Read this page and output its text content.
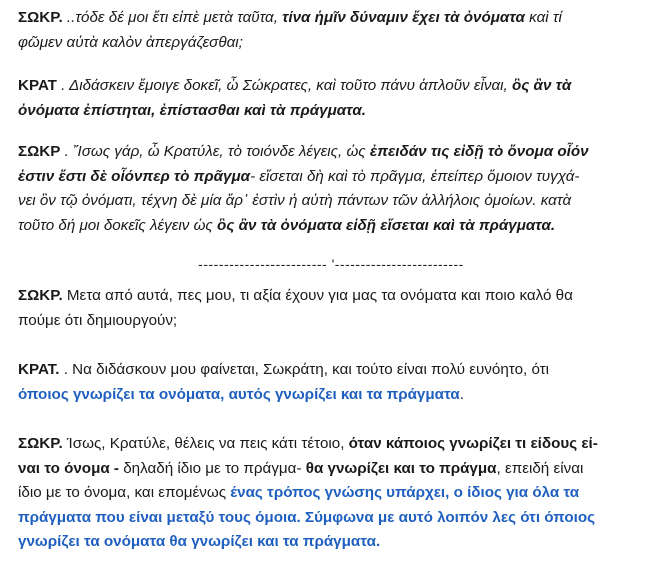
ΣΩΚΡ. ..τόδε δέ μοι ἔτι εἰπὲ μετὰ ταῦτα, τίνα ἡμῖν δύναμιν ἔχει τὰ ὀνόματα καὶ τί
φῶμεν αὐτὰ καλὸν ἀπεργάζεσθαι;
ΚΡΑΤ . Διδάσκειν ἔμοιγε δοκεῖ, ὦ Σώκρατες, καὶ τοῦτο πάνυ ἁπλοῦν εἶναι, ὃς ἂν τὰ
ὀνόματα ἐπίστηται, ἐπίστασθαι καὶ τὰ πράγματα.
ΣΩΚΡ . Ἴσως γάρ, ὦ Κρατύλε, τὸ τοιόνδε λέγεις, ὡς ἐπειδάν τις εἰδῇ τὸ ὄνομα οἷόν
ἐστιν ἔστι δὲ οἷόνπερ τὸ πρᾶγμα- εἴσεται δὴ καὶ τὸ πρᾶγμα, ἐπείπερ ὅμοιον τυγχά-
νει ὂν τῷ ὀνόματι, τέχνη δὲ μία ἄρ᾽ ἐστὶν ἡ αὐτὴ πάντων τῶν ἀλλήλοις ὁμοίων. κατὰ
τοῦτο δή μοι δοκεῖς λέγειν ὡς ὃς ἂν τὰ ὀνόματα εἰδῇ εἴσεται καὶ τὰ πράγματα.
------------------------- '-------------------------
ΣΩΚΡ. Μετα από αυτά, πες μου, τι αξία έχουν για μας τα ονόματα και ποιο καλό θα
πούμε ότι δημιουργούν;
ΚΡΑΤ. . Να διδάσκουν μου φαίνεται, Σωκράτη, και τούτο είναι πολύ ευνόητο, ότι
όποιος γνωρίζει τα ονόματα, αυτός γνωρίζει και τα πράγματα.
ΣΩΚΡ. Ίσως, Κρατύλε, θέλεις να πεις κάτι τέτοιο, όταν κάποιος γνωρίζει τι είδους εί-
ναι το όνομα - δηλαδή ίδιο με το πράγμα- θα γνωρίζει και το πράγμα, επειδή είναι
ίδιο με το όνομα, και επομένως ένας τρόπος γνώσης υπάρχει, ο ίδιος για όλα τα
πράγματα που είναι μεταξύ τους όμοια. Σύμφωνα με αυτό λοιπόν λες ότι όποιος
γνωρίζει τα ονόματα θα γνωρίζει και τα πράγματα.
